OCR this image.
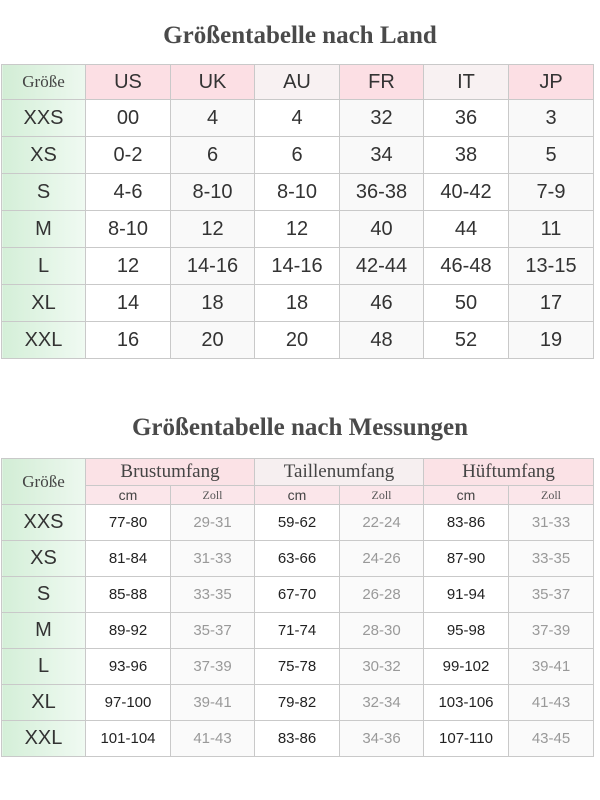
Größentabelle nach Land
Größe	US	UK	AU	FR	IT	JP
XXS	00	4	4	32	36	3
XS	0-2	6	6	34	38	5
S	4-6	8-10	8-10	36-38	40-42	7-9
M	8-10	12	12	40	44	11
L	12	14-16	14-16	42-44	46-48	13-15
XL	14	18	18	46	50	17
XXL	16	20	20	48	52	19
Größentabelle nach Messungen
Größe	Brustumfang		Taillenumfang		Hüftumfang	
	cm	Zoll	cm	Zoll	cm	Zoll
XXS	77-80	29-31	59-62	22-24	83-86	31-33
XS	81-84	31-33	63-66	24-26	87-90	33-35
S	85-88	33-35	67-70	26-28	91-94	35-37
M	89-92	35-37	71-74	28-30	95-98	37-39
L	93-96	37-39	75-78	30-32	99-102	39-41
XL	97-100	39-41	79-82	32-34	103-106	41-43
XXL	101-104	41-43	83-86	34-36	107-110	43-45
